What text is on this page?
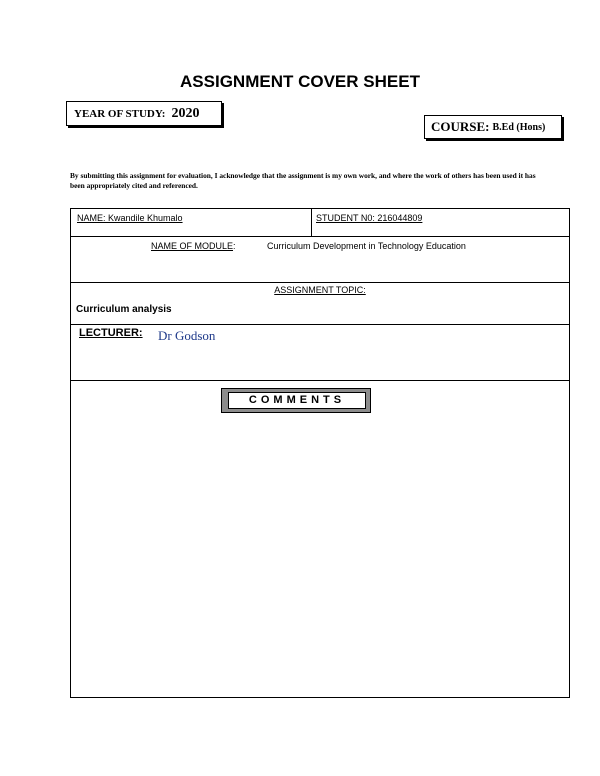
ASSIGNMENT COVER SHEET
YEAR OF STUDY: 2020
COURSE: B.Ed (Hons)
By submitting this assignment for evaluation, I acknowledge that the assignment is my own work, and where the work of others has been used it has been appropriately cited and referenced.
NAME: Kwandile Khumalo	STUDENT N0: 216044809
NAME OF MODULE:	Curriculum Development in Technology Education
ASSIGNMENT TOPIC:
Curriculum analysis
LECTURER: Dr Godson
COMMENTS
